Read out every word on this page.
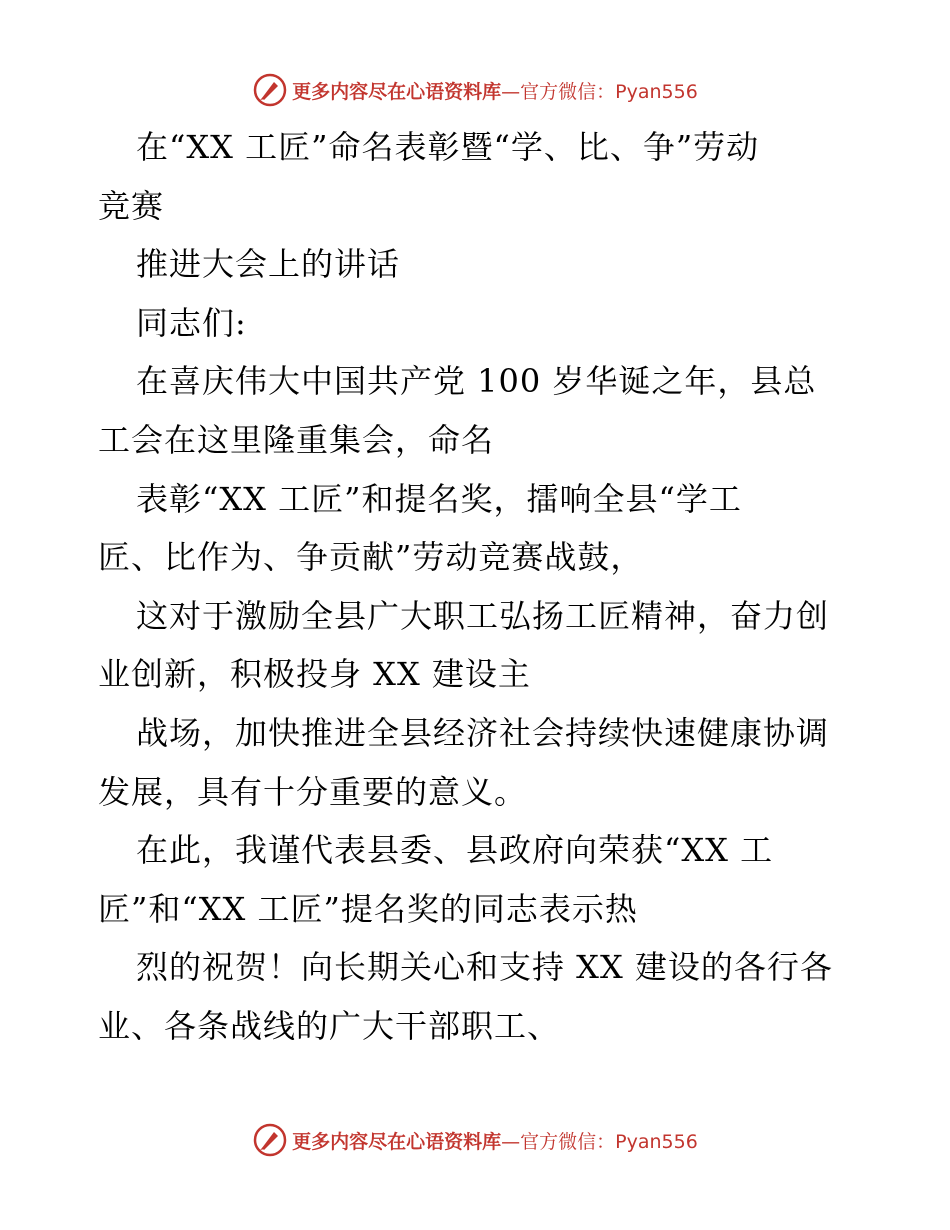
更多内容尽在心语资料库—官方微信：Pyan556
在“XX 工匠”命名表彰暨“学、比、争”劳动
竞赛
推进大会上的讲话
同志们:
在喜庆伟大中国共产党 100 岁华诞之年，县总
工会在这里隆重集会，命名
表彰“XX 工匠”和提名奖，擂响全县“学工
匠、比作为、争贡献”劳动竞赛战鼓，
这对于激励全县广大职工弘扬工匠精神，奋力创
业创新，积极投身 XX 建设主
战场，加快推进全县经济社会持续快速健康协调
发展，具有十分重要的意义。
在此，我谨代表县委、县政府向荣获“XX 工
匠”和“XX 工匠”提名奖的同志表示热
烈的祝贺！向长期关心和支持 XX 建设的各行各
业、各条战线的广大干部职工、
更多内容尽在心语资料库—官方微信：Pyan556
